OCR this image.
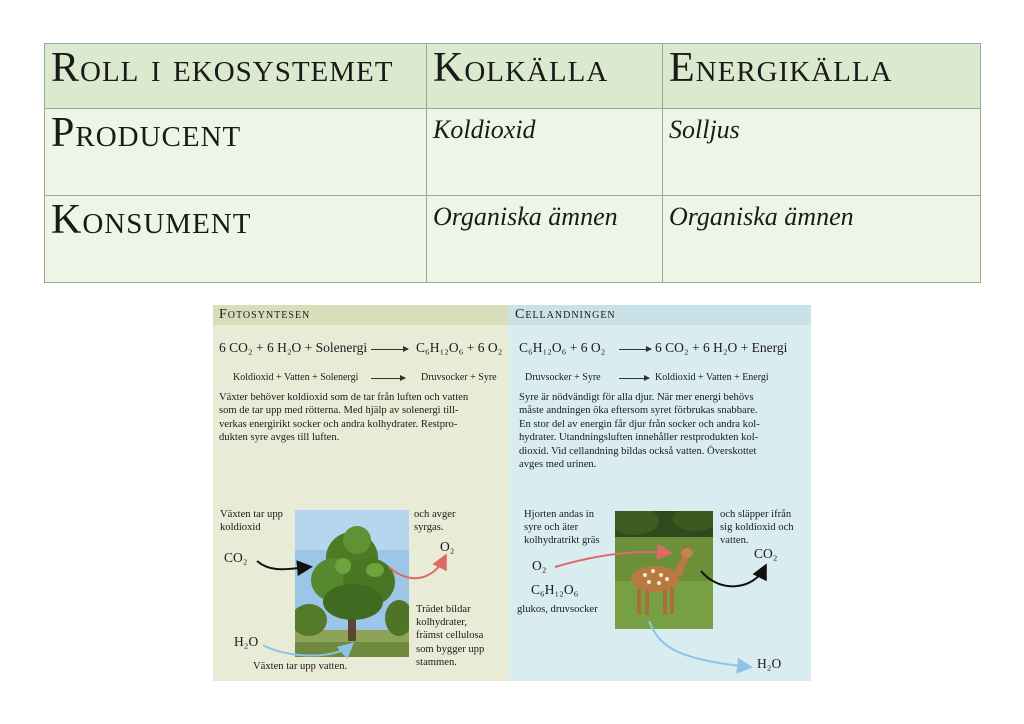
Roll i ekosystemet	Kolkälla	Energikälla

Producent	Koldioxid	Solljus

Konsument	Organiska ämnen	Organiska ämnen
Fotosyntesen
6 CO₂ + 6 H₂O + Solenergi	C₆H₁₂O₆ + 6 O₂
Koldioxid + Vatten + Solenergi	Druvsocker + Syre
Växter behöver koldioxid som de tar från luften och vatten
som de tar upp med rötterna. Med hjälp av solenergi till-
verkas energirikt socker och andra kolhydrater. Restpro-
dukten syre avges till luften.
Växten tar upp
koldioxid
och avger
syrgas.
CO₂
O₂
H₂O
Trädet bildar
kolhydrater,
främst cellulosa
som bygger upp
stammen.
Växten tar upp vatten.
Cellandningen
C₆H₁₂O₆ + 6 O₂	6 CO₂ + 6 H₂O + Energi
Druvsocker + Syre	Koldioxid + Vatten + Energi
Syre är nödvändigt för alla djur. När mer energi behövs
måste andningen öka eftersom syret förbrukas snabbare.
En stor del av energin får djur från socker och andra kol-
hydrater. Utandningsluften innehåller restprodukten kol-
dioxid. Vid cellandning bildas också vatten. Överskottet
avges med urinen.
Hjorten andas in
syre och äter
kolhydratrikt gräs
och släpper ifrån
sig koldioxid och
vatten.
O₂
C₆H₁₂O₆
glukos, druvsocker
CO₂
H₂O
